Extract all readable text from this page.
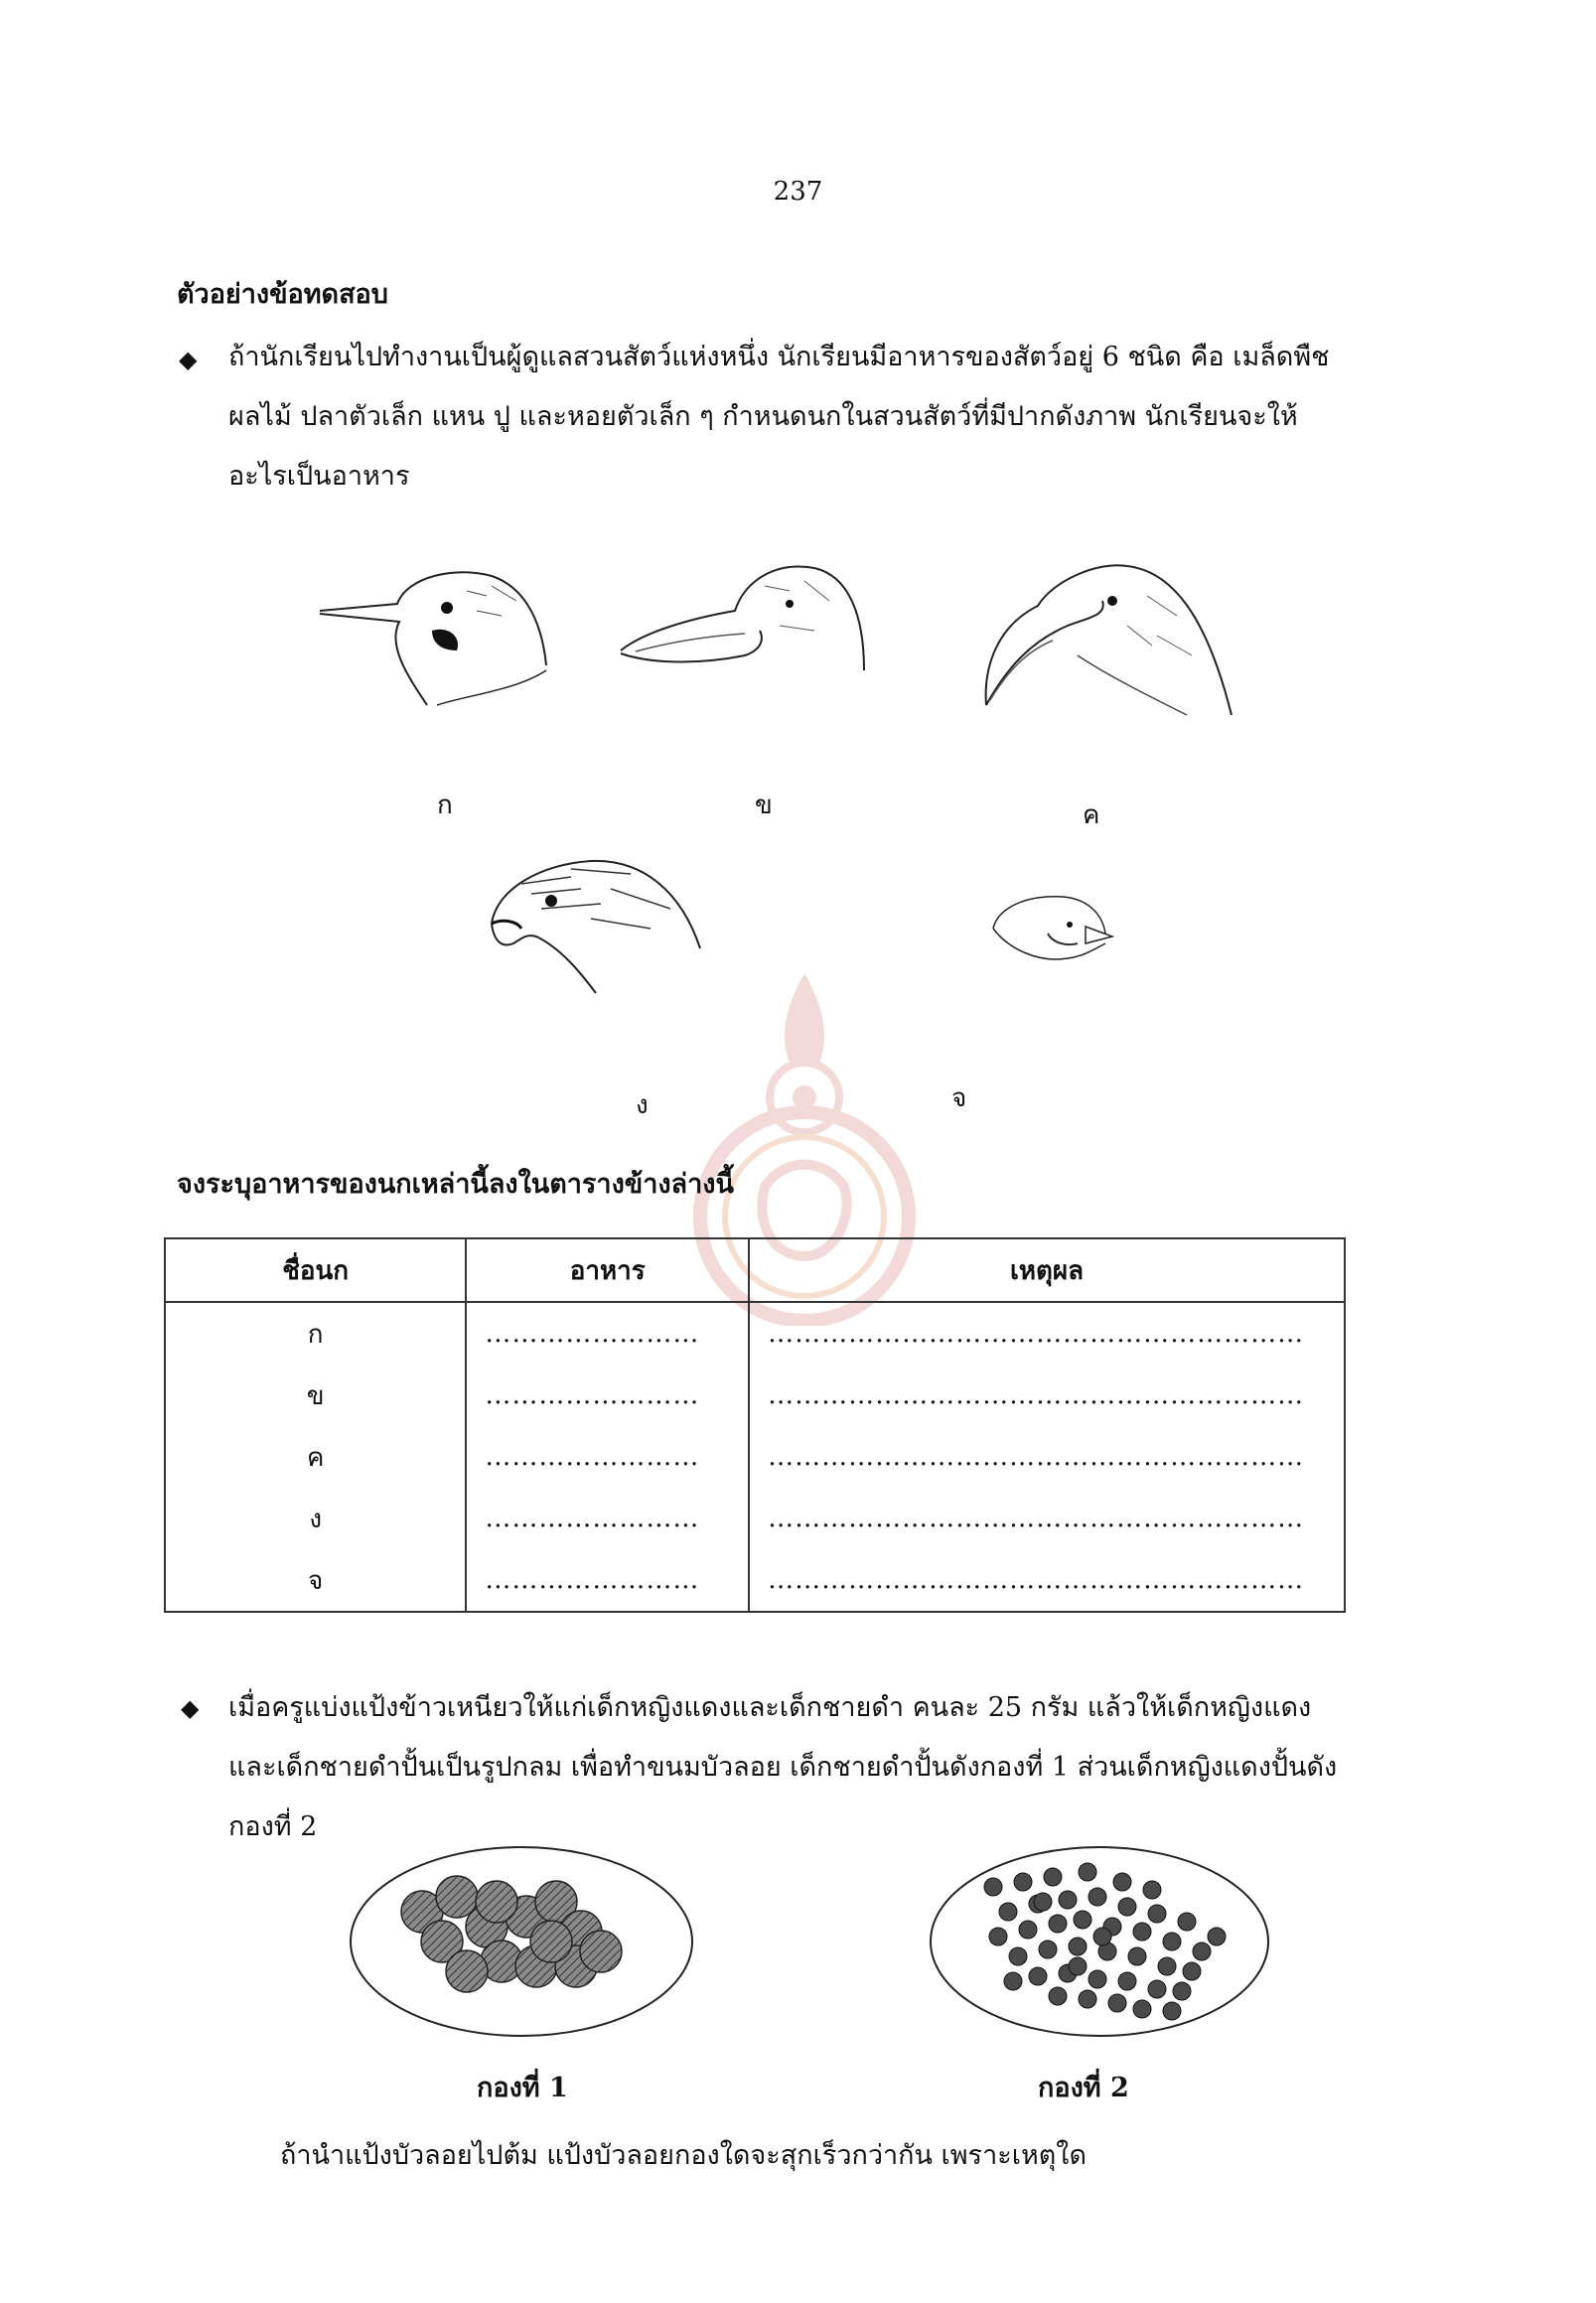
237
ตัวอย่างข้อทดสอบ
◆ ถ้านักเรียนไปทำงานเป็นผู้ดูแลสวนสัตว์แห่งหนึ่ง นักเรียนมีอาหารของสัตว์อยู่ 6 ชนิด คือ เมล็ดพืช
ผลไม้ ปลาตัวเล็ก แหน ปู และหอยตัวเล็ก ๆ กำหนดนกในสวนสัตว์ที่มีปากดังภาพ นักเรียนจะให้
อะไรเป็นอาหาร
ก	ข	ค
ง	จ
จงระบุอาหารของนกเหล่านี้ลงในตารางข้างล่างนี้
ชื่อนก	อาหาร	เหตุผล
ก	……………………	……………………………………………………
ข	……………………	……………………………………………………
ค	……………………	……………………………………………………
ง	……………………	……………………………………………………
จ	……………………	……………………………………………………
◆ เมื่อครูแบ่งแป้งข้าวเหนียวให้แก่เด็กหญิงแดงและเด็กชายดำ คนละ 25 กรัม แล้วให้เด็กหญิงแดง
และเด็กชายดำปั้นเป็นรูปกลม เพื่อทำขนมบัวลอย เด็กชายดำปั้นดังกองที่ 1 ส่วนเด็กหญิงแดงปั้นดัง
กองที่ 2
กองที่ 1	กองที่ 2
ถ้านำแป้งบัวลอยไปต้ม แป้งบัวลอยกองใดจะสุกเร็วกว่ากัน เพราะเหตุใด
